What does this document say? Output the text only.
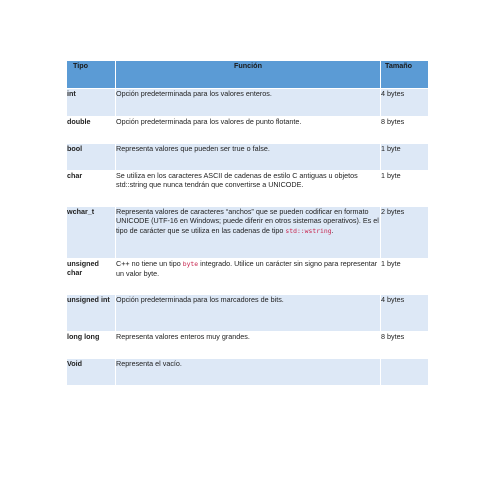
Tipo	Función	Tamaño
int	Opción predeterminada para los valores enteros.	4 bytes
double	Opción predeterminada para los valores de punto flotante.	8 bytes
bool	Representa valores que pueden ser true o false.	1 byte
char	Se utiliza en los caracteres ASCII de cadenas de estilo C antiguas u objetos std::string que nunca tendrán que convertirse a UNICODE.	1 byte
wchar_t	Representa valores de caracteres “anchos” que se pueden codificar en formato UNICODE (UTF-16 en Windows; puede diferir en otros sistemas operativos). Es el tipo de carácter que se utiliza en las cadenas de tipo std::wstring.	2 bytes
unsigned char	C++ no tiene un tipo byte integrado. Utilice un carácter sin signo para representar un valor byte.	1 byte
unsigned int	Opción predeterminada para los marcadores de bits.	4 bytes
long long	Representa valores enteros muy grandes.	8 bytes
Void	Representa el vacío.	
